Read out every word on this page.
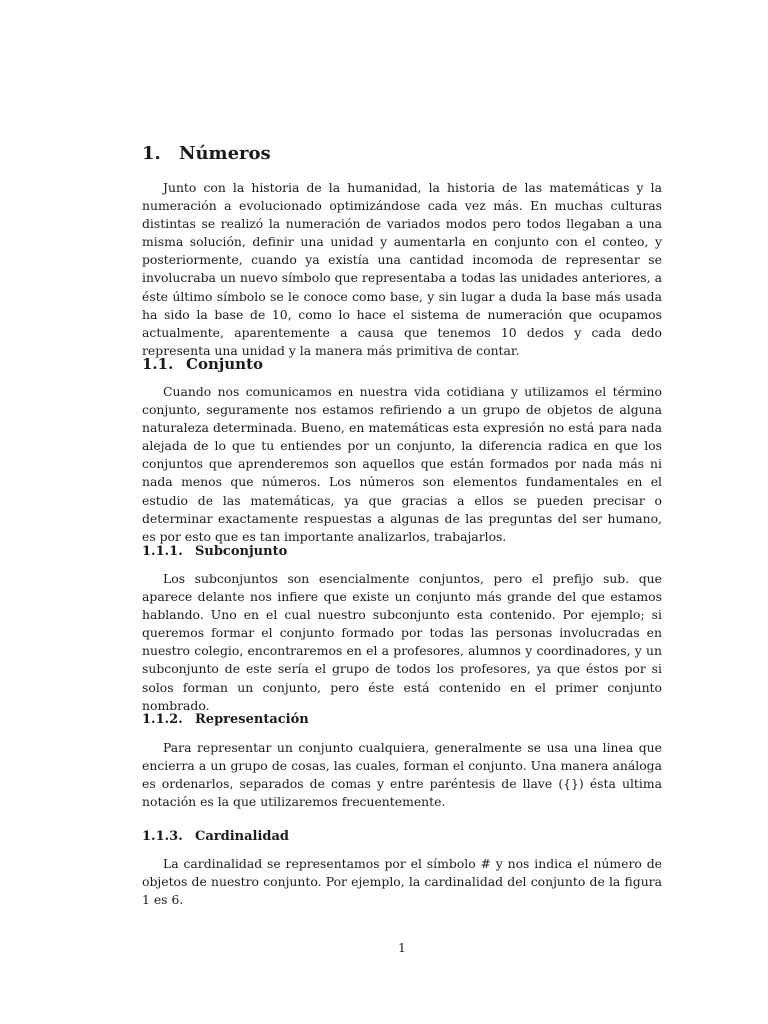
1. Números

Junto con la historia de la humanidad, la historia de las matemáticas y la numeración a evolucionado optimizándose cada vez más. En muchas culturas distintas se realizó la numeración de variados modos pero todos llegaban a una misma solución, definir una unidad y aumentarla en conjunto con el conteo, y posteriormente, cuando ya existía una cantidad incomoda de representar se involucraba un nuevo símbolo que representaba a todas las unidades anteriores, a éste último símbolo se le conoce como base, y sin lugar a duda la base más usada ha sido la base de 10, como lo hace el sistema de numeración que ocupamos actualmente, aparentemente a causa que tenemos 10 dedos y cada dedo representa una unidad y la manera más primitiva de contar.

1.1. Conjunto

Cuando nos comunicamos en nuestra vida cotidiana y utilizamos el término conjunto, seguramente nos estamos refiriendo a un grupo de objetos de alguna naturaleza determinada. Bueno, en matemáticas esta expresión no está para nada alejada de lo que tu entiendes por un conjunto, la diferencia radica en que los conjuntos que aprenderemos son aquellos que están formados por nada más ni nada menos que números. Los números son elementos fundamentales en el estudio de las matemáticas, ya que gracias a ellos se pueden precisar o determinar exactamente respuestas a algunas de las preguntas del ser humano, es por esto que es tan importante analizarlos, trabajarlos.

1.1.1. Subconjunto

Los subconjuntos son esencialmente conjuntos, pero el prefijo sub. que aparece delante nos infiere que existe un conjunto más grande del que estamos hablando. Uno en el cual nuestro subconjunto esta contenido. Por ejemplo; si queremos formar el conjunto formado por todas las personas involucradas en nuestro colegio, encontraremos en el a profesores, alumnos y coordinadores, y un subconjunto de este sería el grupo de todos los profesores, ya que éstos por si solos forman un conjunto, pero éste está contenido en el primer conjunto nombrado.

1.1.2. Representación

Para representar un conjunto cualquiera, generalmente se usa una linea que encierra a un grupo de cosas, las cuales, forman el conjunto. Una manera análoga es ordenarlos, separados de comas y entre paréntesis de llave ({}) ésta ultima notación es la que utilizaremos frecuentemente.

1.1.3. Cardinalidad

La cardinalidad se representamos por el símbolo # y nos indica el número de objetos de nuestro conjunto. Por ejemplo, la cardinalidad del conjunto de la figura 1 es 6.

1
